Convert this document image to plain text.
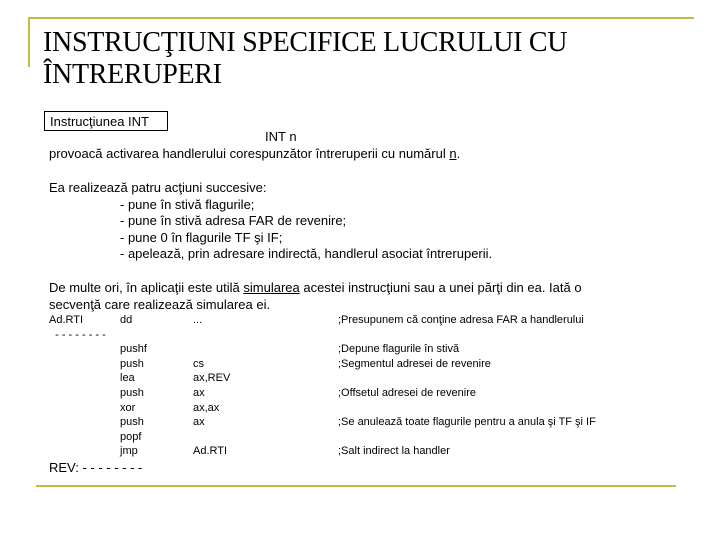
INSTRUCŢIUNI SPECIFICE LUCRULUI CU ÎNTRERUPERI
Instrucţiunea INT
INT n
provoacă activarea handlerului corespunzător întreruperii cu numărul n.
Ea realizează patru acţiuni succesive:
- pune în stivă flagurile;
- pune în stivă adresa FAR de revenire;
- pune 0 în flagurile TF şi IF;
- apelează, prin adresare indirectă, handlerul asociat întreruperii.
De multe ori, în aplicaţii este utilă simularea acestei instrucţiuni sau a unei părţi din ea. Iată o
secvenţă care realizează simularea ei.
Ad.RTI
- - - - - - - -
dd
pushf
push
lea
push
xor
push
popf
jmp
...
cs
ax,REV
ax
ax,ax
ax
Ad.RTI
;Presupunem că conţine adresa FAR a handlerului
;Depune flagurile în stivă
;Segmentul adresei de revenire
;Offsetul adresei de revenire
;Se anulează toate flagurile pentru a anula şi TF şi IF
;Salt indirect la handler
REV: - - - - - - - -
